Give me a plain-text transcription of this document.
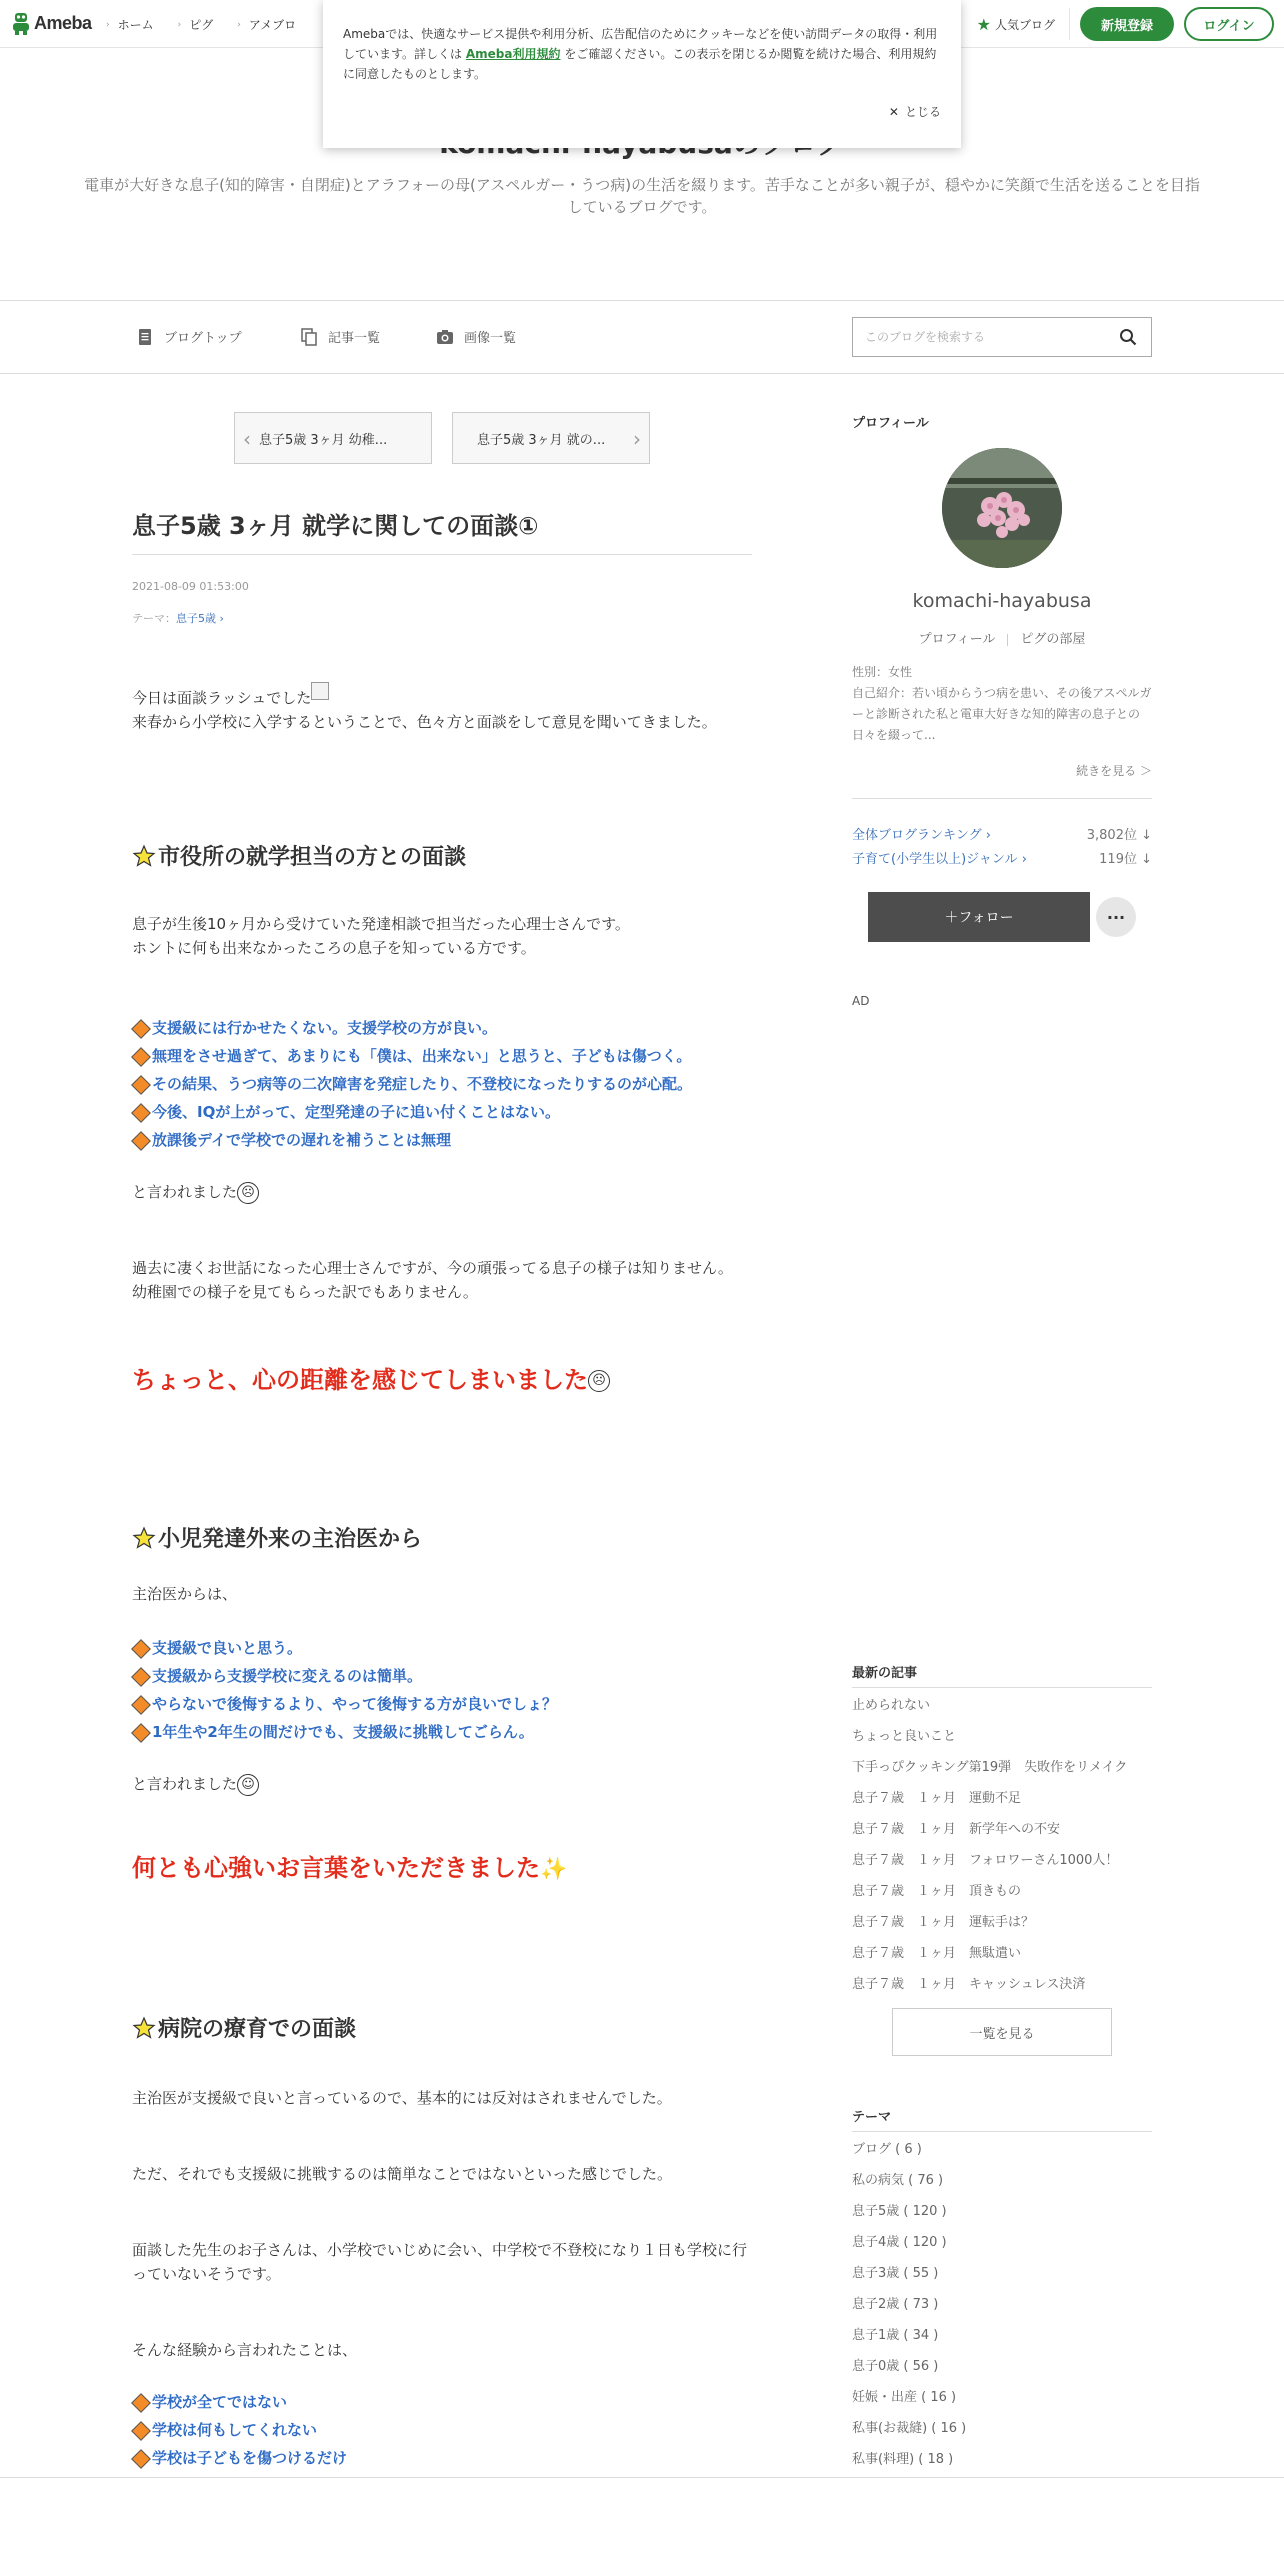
Ameba › ホーム	› ピグ	› アメブロ	★ 人気ブログ	新規登録	ログイン

Amebaでは、快適なサービス提供や利用分析、広告配信のためにクッキーなどを使い訪問データの取得・利用しています。詳しくは Ameba利用規約 をご確認ください。この表示を閉じるか閲覧を続けた場合、利用規約に同意したものとします。

✕ とじる
電車が大好きな息子(知的障害・自閉症)とアラフォーの母(アスペルガー・うつ病)の生活を綴ります。苦手なことが多い親子が、穏やかに笑顔で生活を送ることを目指しているブログです。
ブログトップ	記事一覧	画像一覧
このブログを検索する
‹ 息子5歳 3ヶ月 幼稚...	息子5歳 3ヶ月 就の... ›
息子5歳 3ヶ月 就学に関しての面談①
2021-08-09 01:53:00
テーマ：息子5歳 ›
今日は面談ラッシュでした
来春から小学校に入学するということで、色々方と面談をして意見を聞いてきました。
市役所の就学担当の方との面談
息子が生後10ヶ月から受けていた発達相談で担当だった心理士さんです。
ホントに何も出来なかったころの息子を知っている方です。
支援級には行かせたくない。支援学校の方が良い。
無理をさせ過ぎて、あまりにも「僕は、出来ない」と思うと、子どもは傷つく。
その結果、うつ病等の二次障害を発症したり、不登校になったりするのが心配。
今後、IQが上がって、定型発達の子に追い付くことはない。
放課後デイで学校での遅れを補うことは無理
と言われました ☹
過去に凄くお世話になった心理士さんですが、今の頑張ってる息子の様子は知りません。
幼稚園での様子を見てもらった訳でもありません。
ちょっと、心の距離を感じてしまいました ☹
小児発達外来の主治医から
主治医からは、
支援級で良いと思う。
支援級から支援学校に変えるのは簡単。
やらないで後悔するより、やって後悔する方が良いでしょ？
1年生や2年生の間だけでも、支援級に挑戦してごらん。
と言われました ☺
何とも心強いお言葉をいただきました✨
病院の療育での面談
主治医が支援級で良いと言っているので、基本的には反対はされませんでした。
ただ、それでも支援級に挑戦するのは簡単なことではないといった感じでした。
面談した先生のお子さんは、小学校でいじめに会い、中学校で不登校になり１日も学校に行っていないそうです。
そんな経験から言われたことは、
学校が全てではない
学校は何もしてくれない
学校は子どもを傷つけるだけ
プロフィール
komachi-hayabusa
プロフィール ピグの部屋
性別：女性
自己紹介：若い頃からうつ病を患い、その後アスペルガーと診断された私と電車大好きな知的障害の息子との日々を綴って...
続きを見る ＞
全体ブログランキング ›	3,802位 ↓
子育て(小学生以上)ジャンル ›	119位 ↓
＋フォロー	···
AD
最新の記事
止められない
ちょっと良いこと
下手っぴクッキング第19弾　失敗作をリメイク
息子７歳　１ヶ月　運動不足
息子７歳　１ヶ月　新学年への不安
息子７歳　１ヶ月　フォロワーさん1000人！
息子７歳　１ヶ月　頂きもの
息子７歳　１ヶ月　運転手は？
息子７歳　１ヶ月　無駄遣い
息子７歳　１ヶ月　キャッシュレス決済
一覧を見る
テーマ
ブログ ( 6 )
私の病気 ( 76 )
息子5歳 ( 120 )
息子4歳 ( 120 )
息子3歳 ( 55 )
息子2歳 ( 73 )
息子1歳 ( 34 )
息子0歳 ( 56 )
妊娠・出産 ( 16 )
私事(お裁縫) ( 16 )
私事(料理) ( 18 )
